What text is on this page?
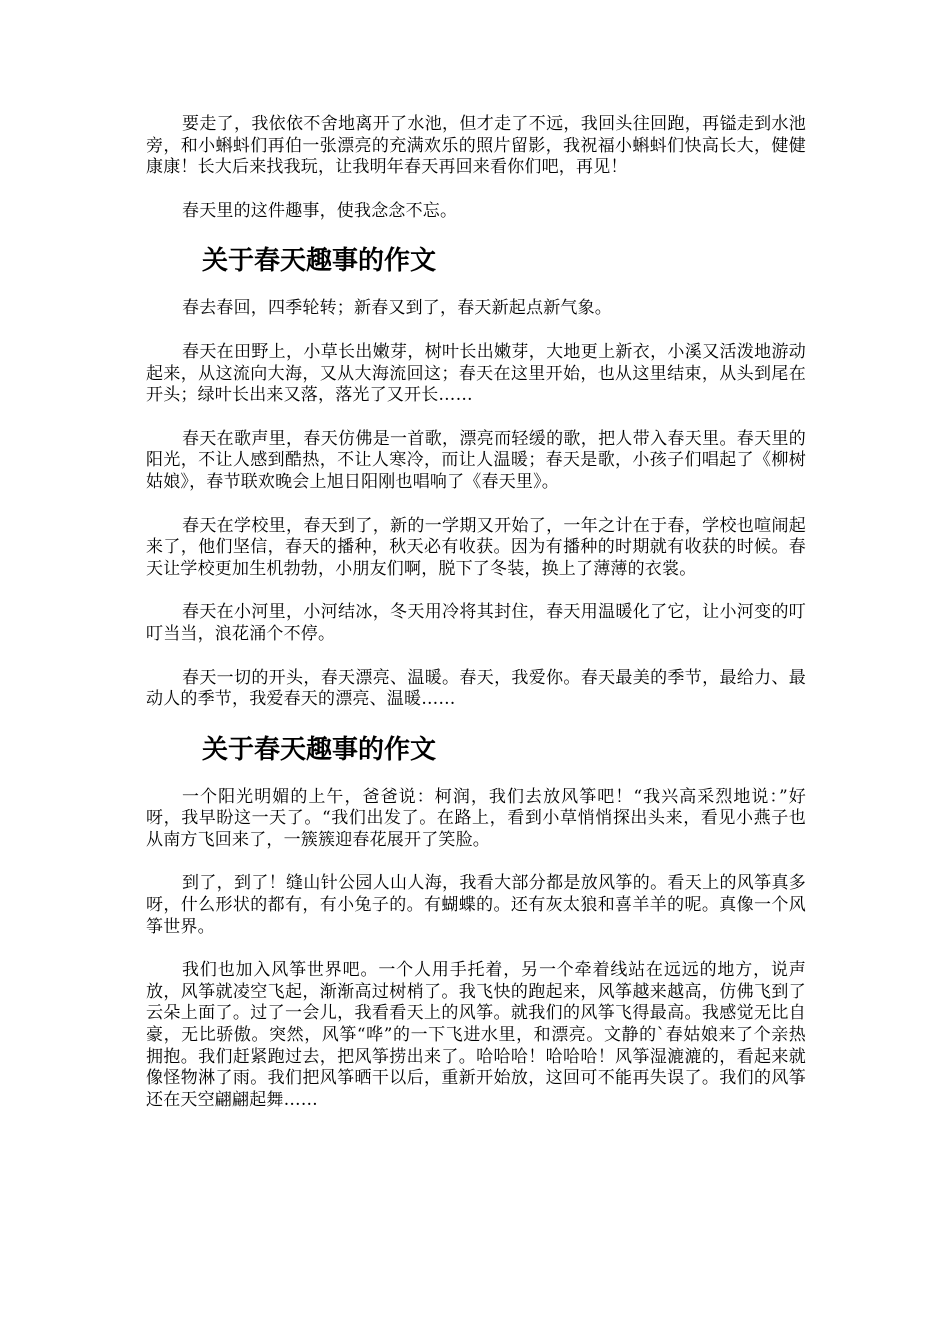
要走了，我依依不舍地离开了水池，但才走了不远，我回头往回跑，再镒走到水池旁，和小蝌蚪们再伯一张漂亮的充满欢乐的照片留影，我祝福小蝌蚪们快高长大，健健康康！长大后来找我玩，让我明年春天再回来看你们吧，再见！

春天里的这件趣事，使我念念不忘。

关于春天趣事的作文

春去春回，四季轮转；新春又到了，春天新起点新气象。

春天在田野上，小草长出嫩芽，树叶长出嫩芽，大地更上新衣，小溪又活泼地游动起来，从这流向大海，又从大海流回这；春天在这里开始，也从这里结束，从头到尾在开头；绿叶长出来又落，落光了又开长……

春天在歌声里，春天仿佛是一首歌，漂亮而轻缓的歌，把人带入春天里。春天里的阳光，不让人感到酷热，不让人寒冷，而让人温暖；春天是歌，小孩子们唱起了《柳树姑娘》，春节联欢晚会上旭日阳刚也唱响了《春天里》。

春天在学校里，春天到了，新的一学期又开始了，一年之计在于春，学校也喧闹起来了，他们坚信，春天的播种，秋天必有收获。因为有播种的时期就有收获的时候。春天让学校更加生机勃勃，小朋友们啊，脱下了冬装，换上了薄薄的衣裳。

春天在小河里，小河结冰，冬天用冷将其封住，春天用温暖化了它，让小河变的叮叮当当，浪花涌个不停。

春天一切的开头，春天漂亮、温暖。春天，我爱你。春天最美的季节，最给力、最动人的季节，我爱春天的漂亮、温暖……

关于春天趣事的作文

一个阳光明媚的上午，爸爸说：柯润，我们去放风筝吧！“我兴高采烈地说：”好呀，我早盼这一天了。“我们出发了。在路上，看到小草悄悄探出头来，看见小燕子也从南方飞回来了，一簇簇迎春花展开了笑脸。

到了，到了！缝山针公园人山人海，我看大部分都是放风筝的。看天上的风筝真多呀，什么形状的都有，有小兔子的。有蝴蝶的。还有灰太狼和喜羊羊的呢。真像一个风筝世界。

我们也加入风筝世界吧。一个人用手托着，另一个牵着线站在远远的地方，说声放，风筝就凌空飞起，渐渐高过树梢了。我飞快的跑起来，风筝越来越高，仿佛飞到了云朵上面了。过了一会儿，我看看天上的风筝。就我们的风筝飞得最高。我感觉无比自豪，无比骄傲。突然，风筝“哗”的一下飞进水里，和漂亮。文静的`春姑娘来了个亲热拥抱。我们赶紧跑过去，把风筝捞出来了。哈哈哈！哈哈哈！风筝湿漉漉的，看起来就像怪物淋了雨。我们把风筝晒干以后，重新开始放，这回可不能再失误了。我们的风筝还在天空翩翩起舞……
